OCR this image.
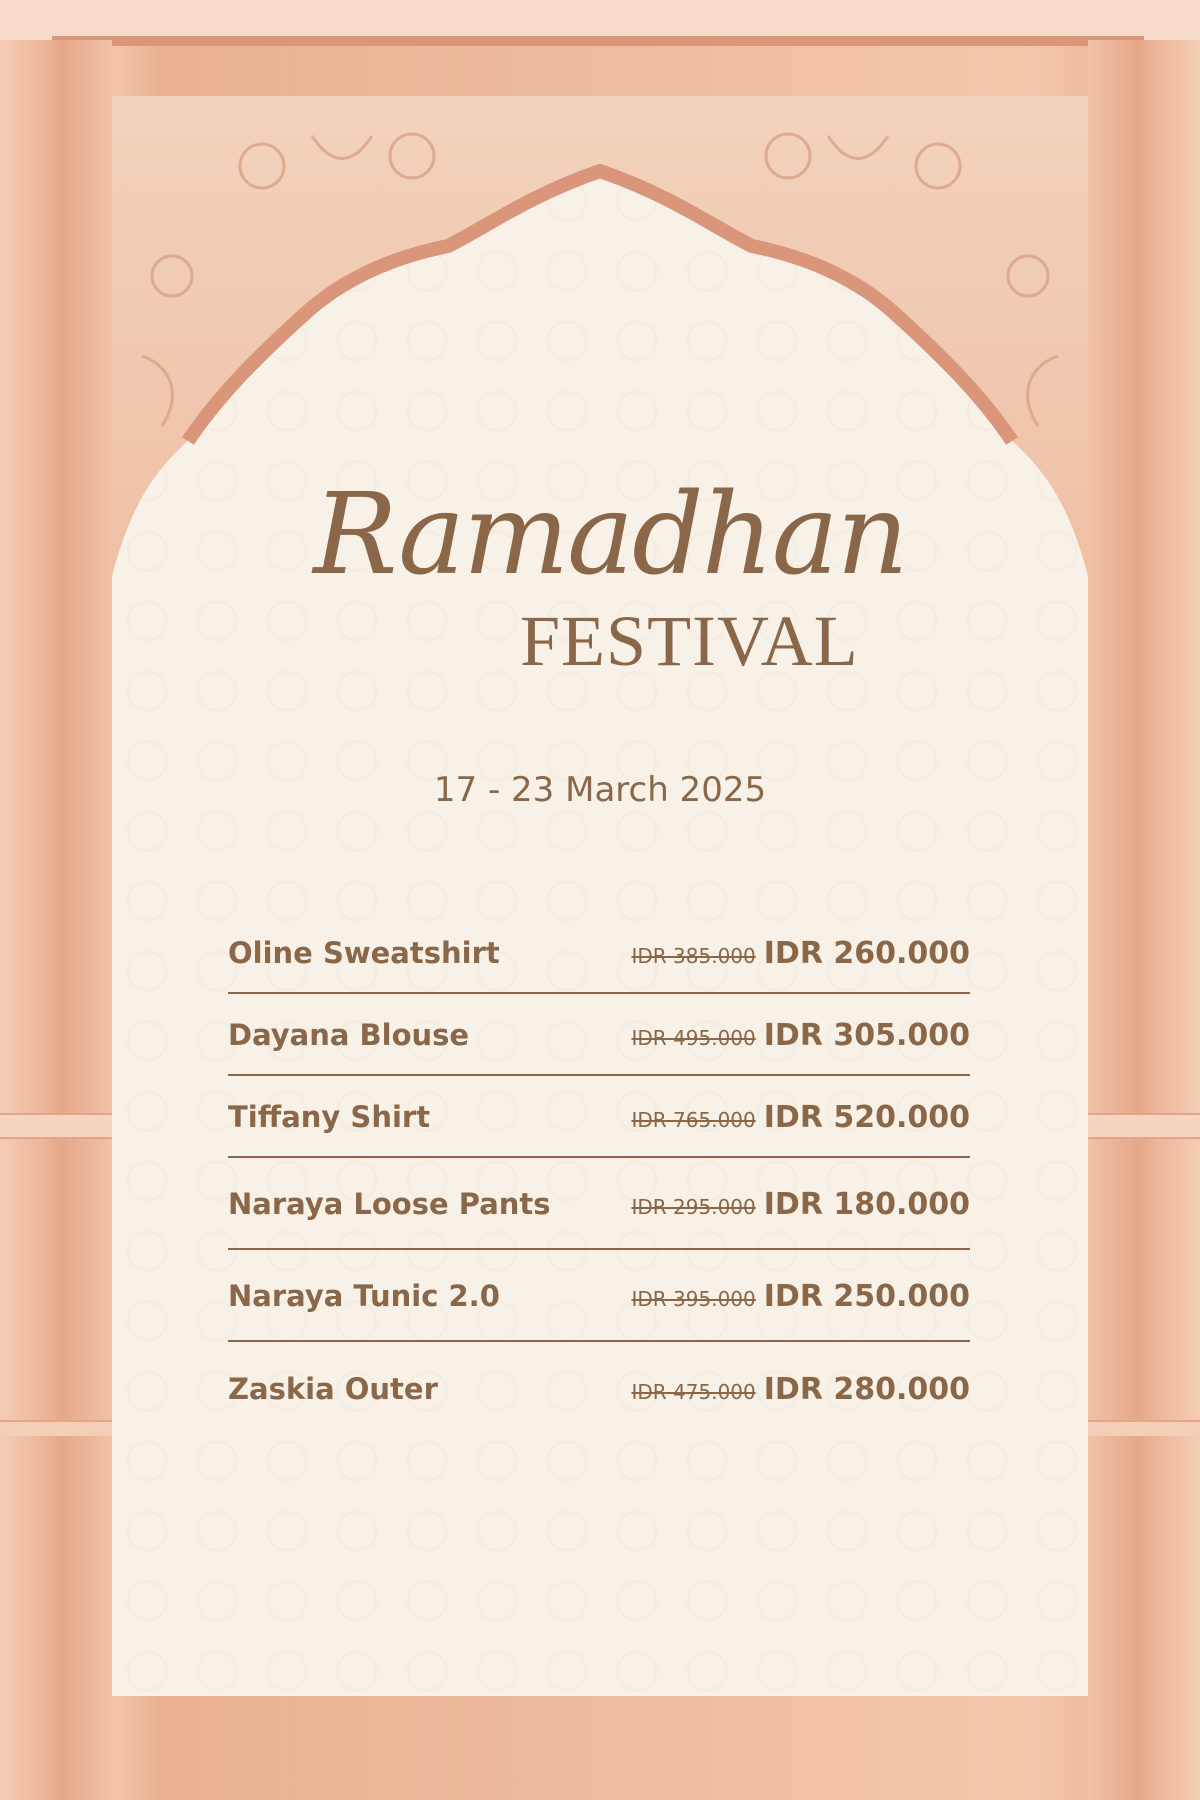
Ramadhan
FESTIVAL
17 - 23 March 2025
Oline Sweatshirt	IDR 385.000 IDR 260.000
Dayana Blouse	IDR 495.000 IDR 305.000
Tiffany Shirt	IDR 765.000 IDR 520.000
Naraya Loose Pants	IDR 295.000 IDR 180.000
Naraya Tunic 2.0	IDR 395.000 IDR 250.000
Zaskia Outer	IDR 475.000 IDR 280.000
